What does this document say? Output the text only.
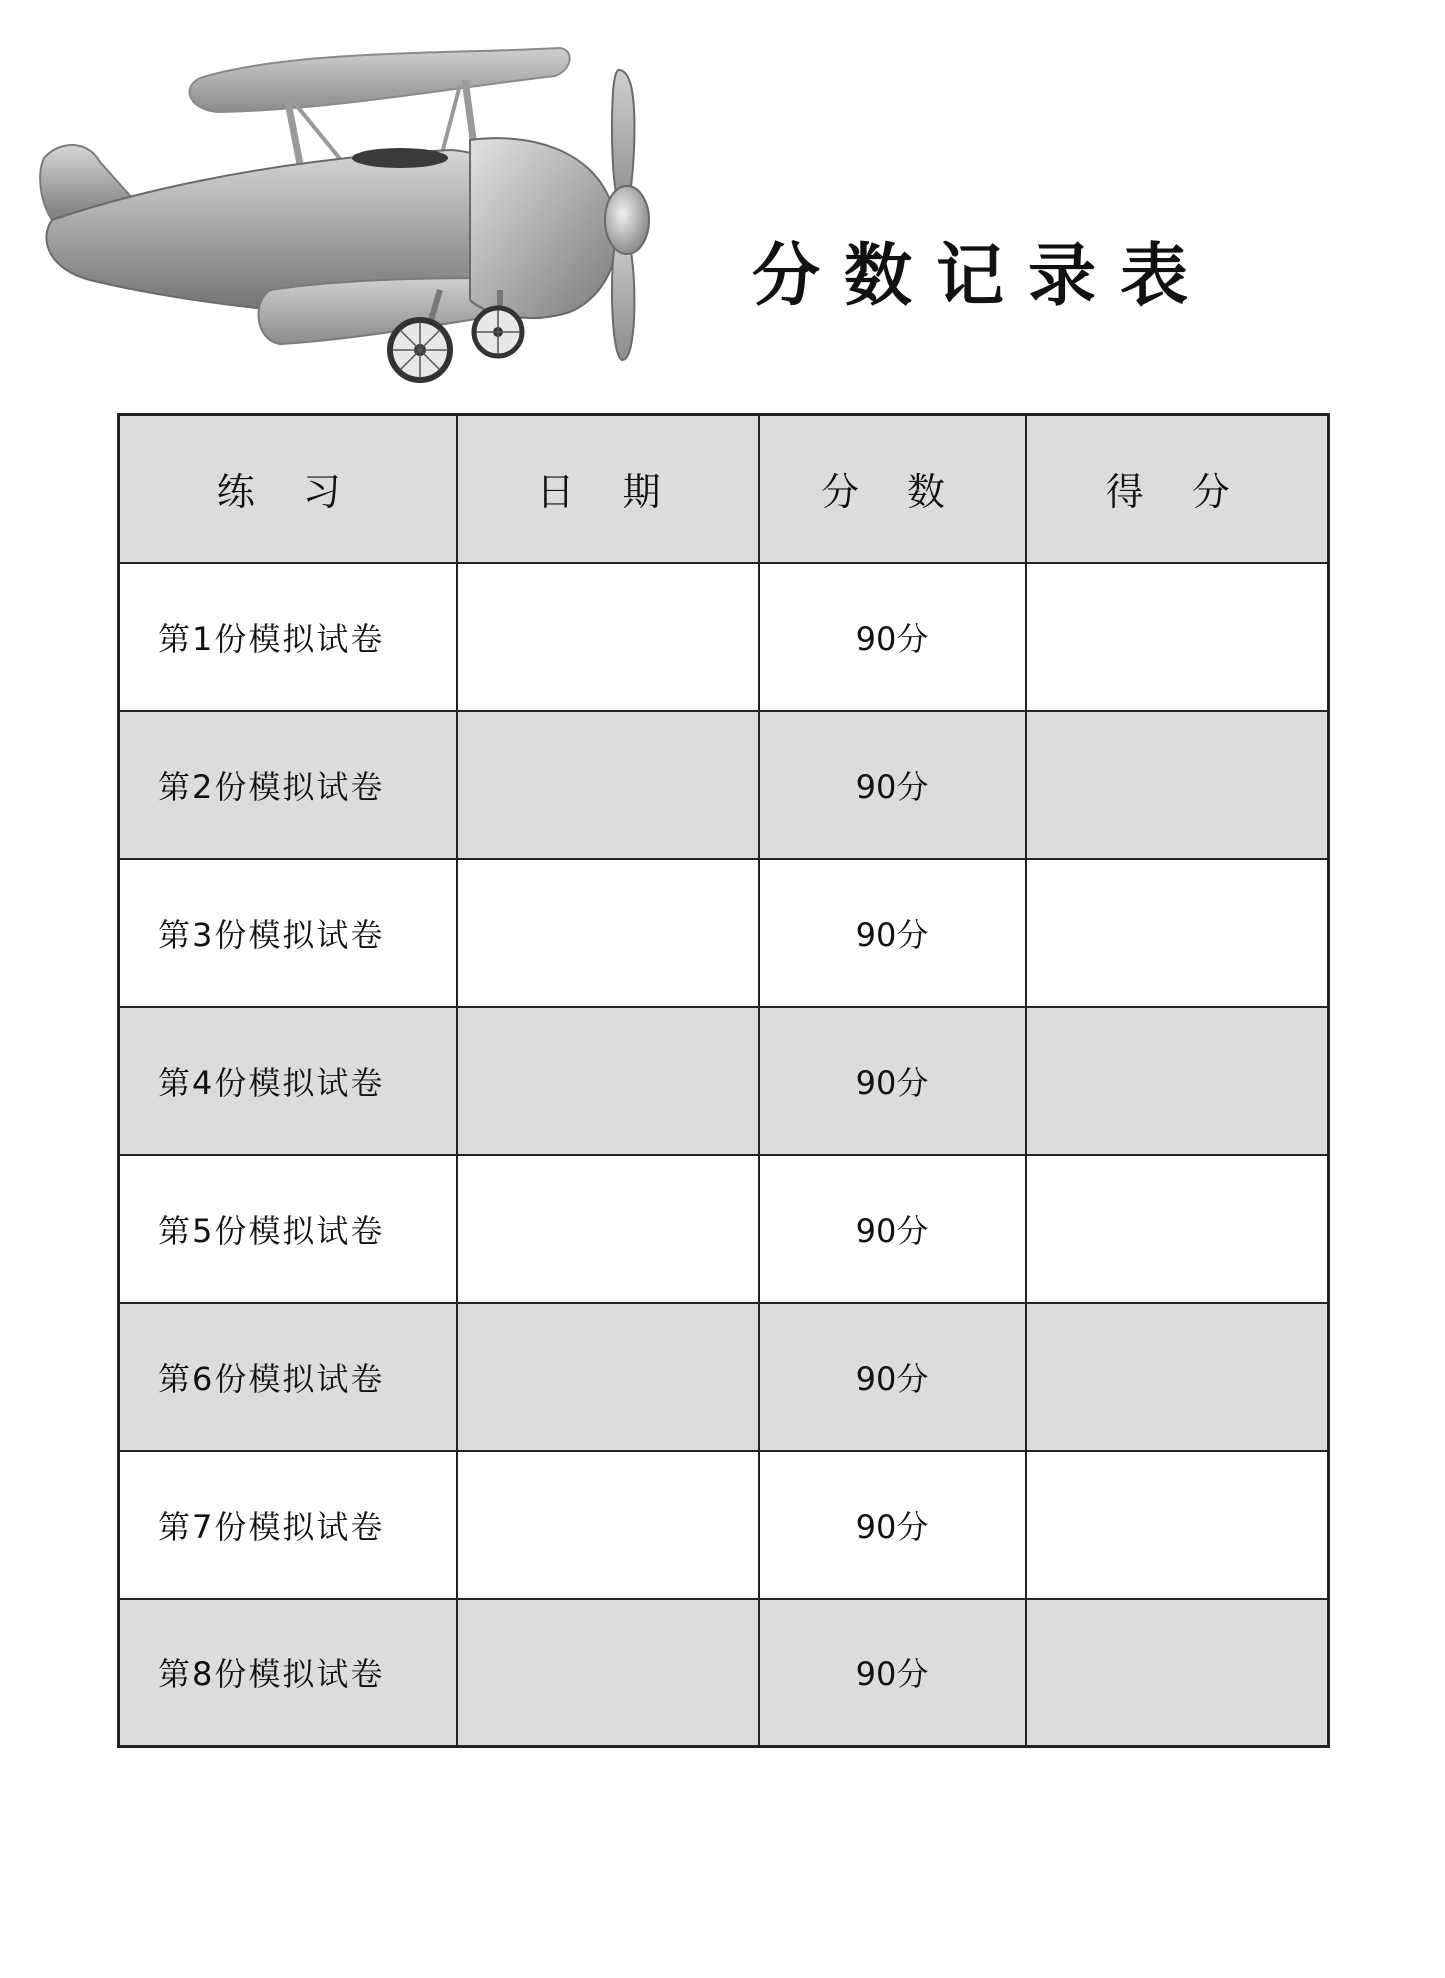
分数记录表
练 习	日 期	分 数	得 分
第1份模拟试卷		90分	
第2份模拟试卷		90分	
第3份模拟试卷		90分	
第4份模拟试卷		90分	
第5份模拟试卷		90分	
第6份模拟试卷		90分	
第7份模拟试卷		90分	
第8份模拟试卷		90分	
